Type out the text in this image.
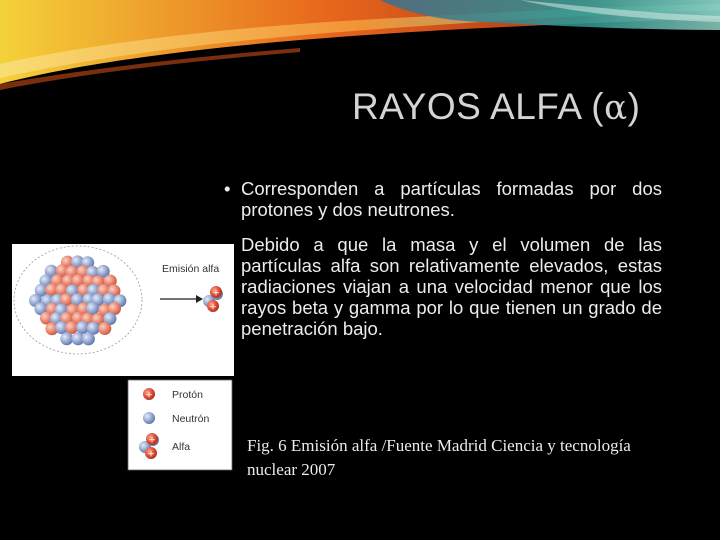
RAYOS ALFA (α)
• Corresponden a partículas formadas por dos protones y dos neutrones.
Debido a que la masa y el volumen de las partículas alfa son relativamente elevados, estas radiaciones viajan a una velocidad menor que los rayos beta y gamma por lo que tienen un grado de penetración bajo.
Emisión alfa
+
+
+ Protón
Neutrón
+
+
Alfa	Fig. 6 Emisión alfa /Fuente Madrid Ciencia y tecnología nuclear 2007
